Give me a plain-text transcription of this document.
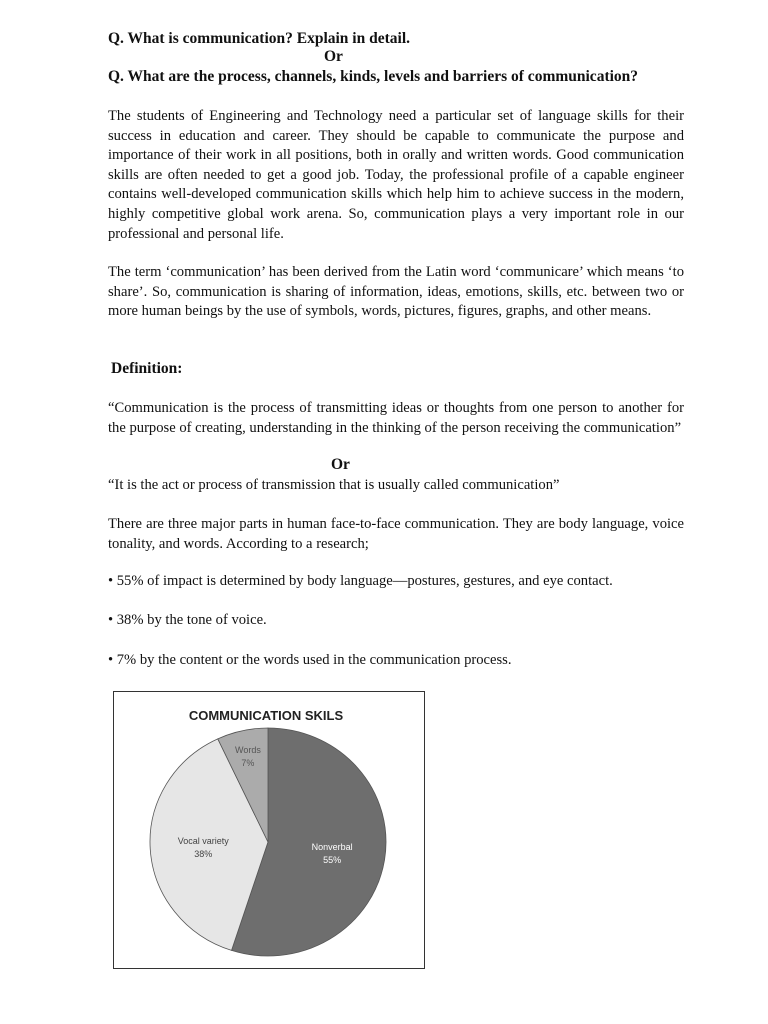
Q. What is communication? Explain in detail.
Or
Q. What are the process, channels, kinds, levels and barriers of communication?

The students of Engineering and Technology need a particular set of language skills for their success in education and career. They should be capable to communicate the purpose and importance of their work in all positions, both in orally and written words. Good communication skills are often needed to get a good job. Today, the professional profile of a capable engineer contains well-developed communication skills which help him to achieve success in the modern, highly competitive global work arena. So, communication plays a very important role in our professional and personal life.

The term ‘communication’ has been derived from the Latin word ‘communicare’ which means ‘to share’. So, communication is sharing of information, ideas, emotions, skills, etc. between two or more human beings by the use of symbols, words, pictures, figures, graphs, and other means.

Definition:

“Communication is the process of transmitting ideas or thoughts from one person to another for the purpose of creating, understanding in the thinking of the person receiving the communication”

Or

“It is the act or process of transmission that is usually called communication”

There are three major parts in human face-to-face communication. They are body language, voice tonality, and words. According to a research;

• 55% of impact is determined by body language—postures, gestures, and eye contact.
• 38% by the tone of voice.
• 7% by the content or the words used in the communication process.
COMMUNICATION SKILS
Nonverbal
55%
Vocal variety
38%
Words
7%
